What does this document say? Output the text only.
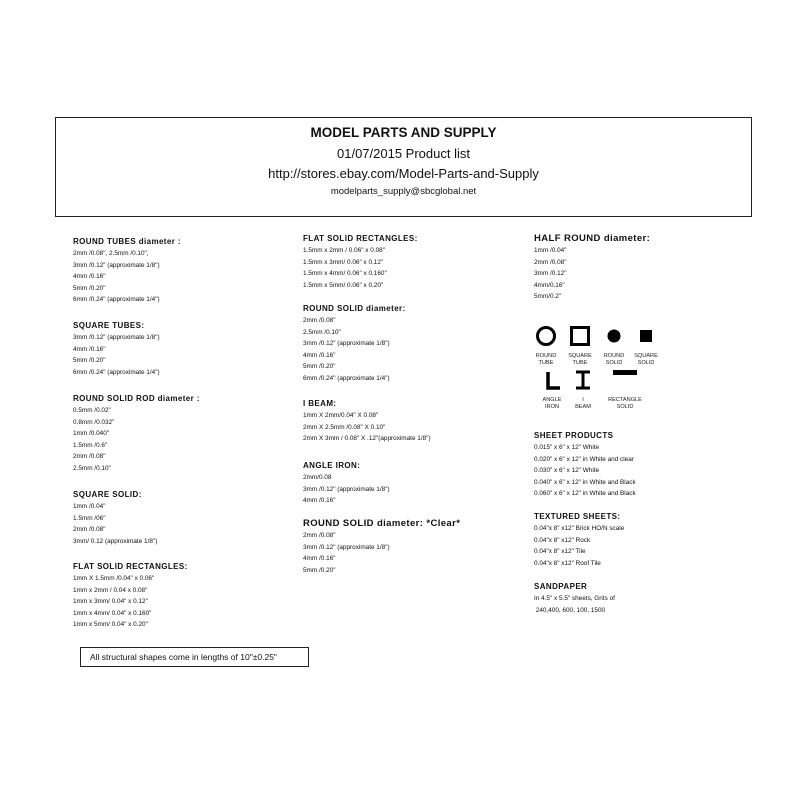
MODEL PARTS AND SUPPLY
01/07/2015 Product list
http://stores.ebay.com/Model-Parts-and-Supply
modelparts_supply@sbcglobal.net
ROUND TUBES diameter :
2mm /0.08", 2.5mm /0.10",
3mm /0.12" (approximate 1/8")
4mm /0.16"
5mm /0.20"
6mm /0.24" (approximate 1/4")
SQUARE TUBES:
3mm /0.12" (approximate 1/8")
4mm /0.16"
5mm /0.20"
6mm /0.24" (approximate 1/4")
ROUND SOLID ROD diameter :
0.5mm /0.02"
0.8mm /0.032"
1mm /0.040"
1.5mm /0.6"
2mm /0.08"
2.5mm /0.10"
SQUARE SOLID:
1mm /0.04"
1.5mm /06"
2mm /0.08"
3mm/ 0.12 (approximate 1/8")
FLAT SOLID RECTANGLES:
1mm X 1.5mm /0.04" x 0.06"
1mm x 2mm / 0.04 x 0.08"
1mm x 3mm/ 0.04" x 0.12"
1mm x 4mm/ 0.04" x 0.160"
1mm x 5mm/ 0.04" x 0.20"
FLAT SOLID RECTANGLES:
1.5mm x 2mm / 0.06" x 0.08"
1.5mm x 3mm/ 0.06" x 0.12"
1.5mm x 4mm/ 0.06" x 0.160"
1.5mm x 5mm/ 0.06" x 0.20"
ROUND SOLID diameter:
2mm /0.08"
2.5mm /0.10"
3mm /0.12" (approximate 1/8")
4mm /0.16"
5mm /0.20"
6mm /0.24" (approximate 1/4")
I BEAM:
1mm X 2mm/0.04" X 0.08"
2mm X 2.5mm /0.08" X 0.10"
2mm X 3mm / 0.08" X .12"(approximate 1/8")
ANGLE IRON:
2mm/0.08
3mm /0.12" (approximate 1/8")
4mm /0.16"
ROUND SOLID diameter: *Clear*
2mm /0.08"
3mm /0.12" (approximate 1/8")
4mm /0.16"
5mm /0.20"
HALF ROUND diameter:
1mm /0.04"
2mm /0.08"
3mm /0.12"
4mm/0.16"
5mm/0.2"
ROUND
TUBE
SQUARE
TUBE
ROUND
SOLID
SQUARE
SOLID
ANGLE
IRON
I
BEAM
RECTANGLE
SOLID
SHEET PRODUCTS
0.015" x 6" x 12" White
0.020" x 6" x 12" in White and clear
0.030" x 6" x 12" White
0.040" x 6" x 12" in White and Black
0.060" x 6" x 12" in White and Black
TEXTURED SHEETS:
0.04"x 8" x12" Brick HO/N scale
0.04"x 8" x12" Rock
0.04"x 8" x12" Tile
0.04"x 8" x12" Roof Tile
SANDPAPER
In 4.5" x 5.5" sheets, Grits of
240,400, 600, 100, 1500
All structural shapes come in lengths of 10"±0.25"
